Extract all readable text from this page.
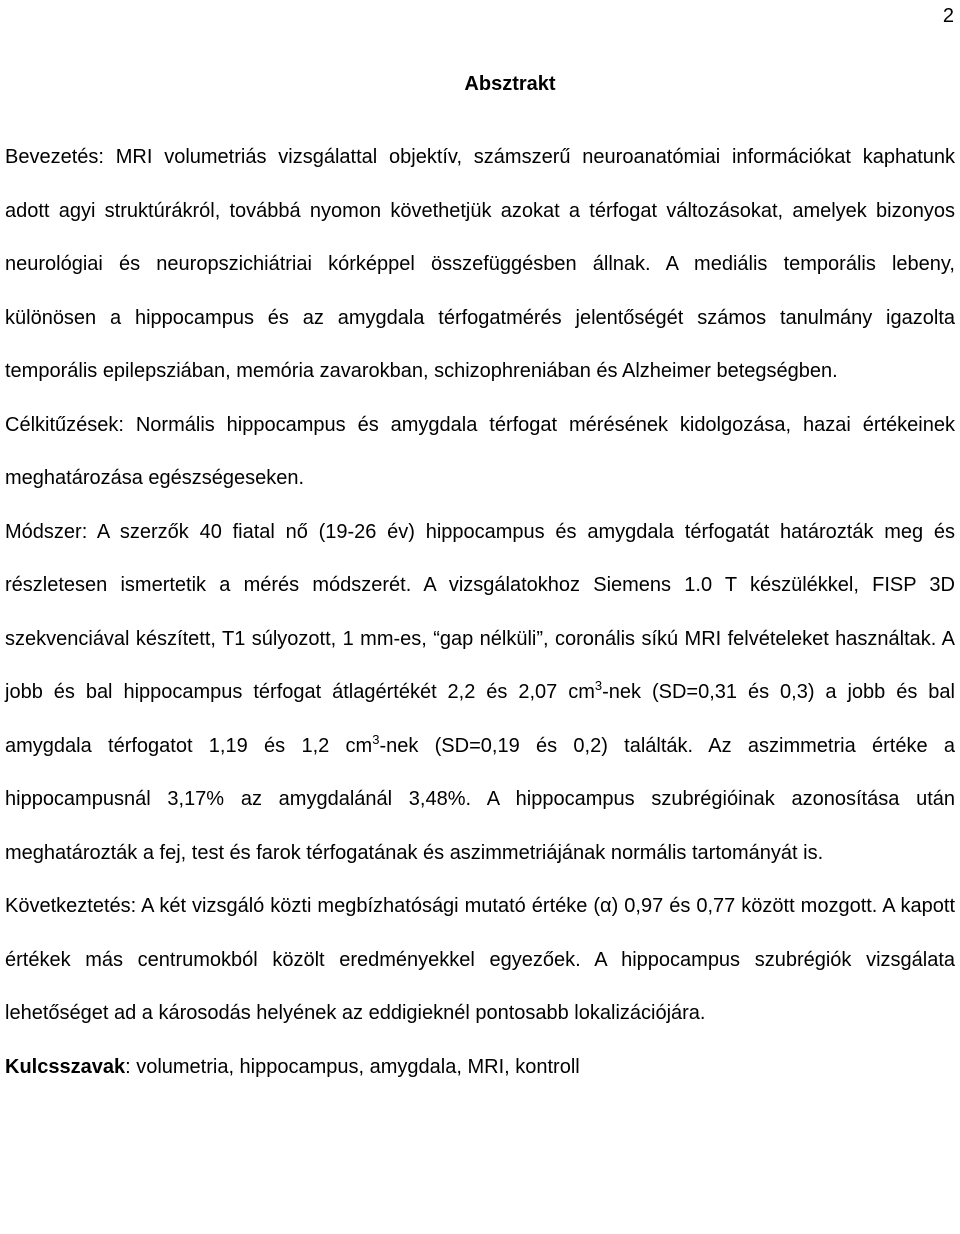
2
Absztrakt

Bevezetés: MRI volumetriás vizsgálattal objektív, számszerű neuroanatómiai információkat kaphatunk adott agyi struktúrákról, továbbá nyomon követhetjük azokat a térfogat változásokat, amelyek bizonyos neurológiai és neuropszichiátriai kórképpel összefüggésben állnak. A mediális temporális lebeny, különösen a hippocampus és az amygdala térfogatmérés jelentőségét számos tanulmány igazolta temporális epilepsziában, memória zavarokban, schizophreniában és Alzheimer betegségben.

Célkitűzések: Normális hippocampus és amygdala térfogat mérésének kidolgozása, hazai értékeinek meghatározása egészségeseken.

Módszer: A szerzők 40 fiatal nő (19-26 év) hippocampus és amygdala térfogatát határozták meg és részletesen ismertetik a mérés módszerét. A vizsgálatokhoz Siemens 1.0 T készülékkel, FISP 3D szekvenciával készített, T1 súlyozott, 1 mm-es, “gap nélküli”, coronális síkú MRI felvételeket használtak. A jobb és bal hippocampus térfogat átlagértékét 2,2 és 2,07 $cm^3$-nek (SD=0,31 és 0,3) a jobb és bal amygdala térfogatot 1,19 és 1,2 $cm^3$-nek (SD=0,19 és 0,2) találták. Az aszimmetria értéke a hippocampusnál 3,17% az amygdalánál 3,48%. A hippocampus szubrégióinak azonosítása után meghatározták a fej, test és farok térfogatának és aszimmetriájának normális tartományát is.

Következtetés: A két vizsgáló közti megbízhatósági mutató értéke (α) 0,97 és 0,77 között mozgott. A kapott értékek más centrumokból közölt eredményekkel egyezőek. A hippocampus szubrégiók vizsgálata lehetőséget ad a károsodás helyének az eddigieknél pontosabb lokalizációjára.

Kulcsszavak: volumetria, hippocampus, amygdala, MRI, kontroll
